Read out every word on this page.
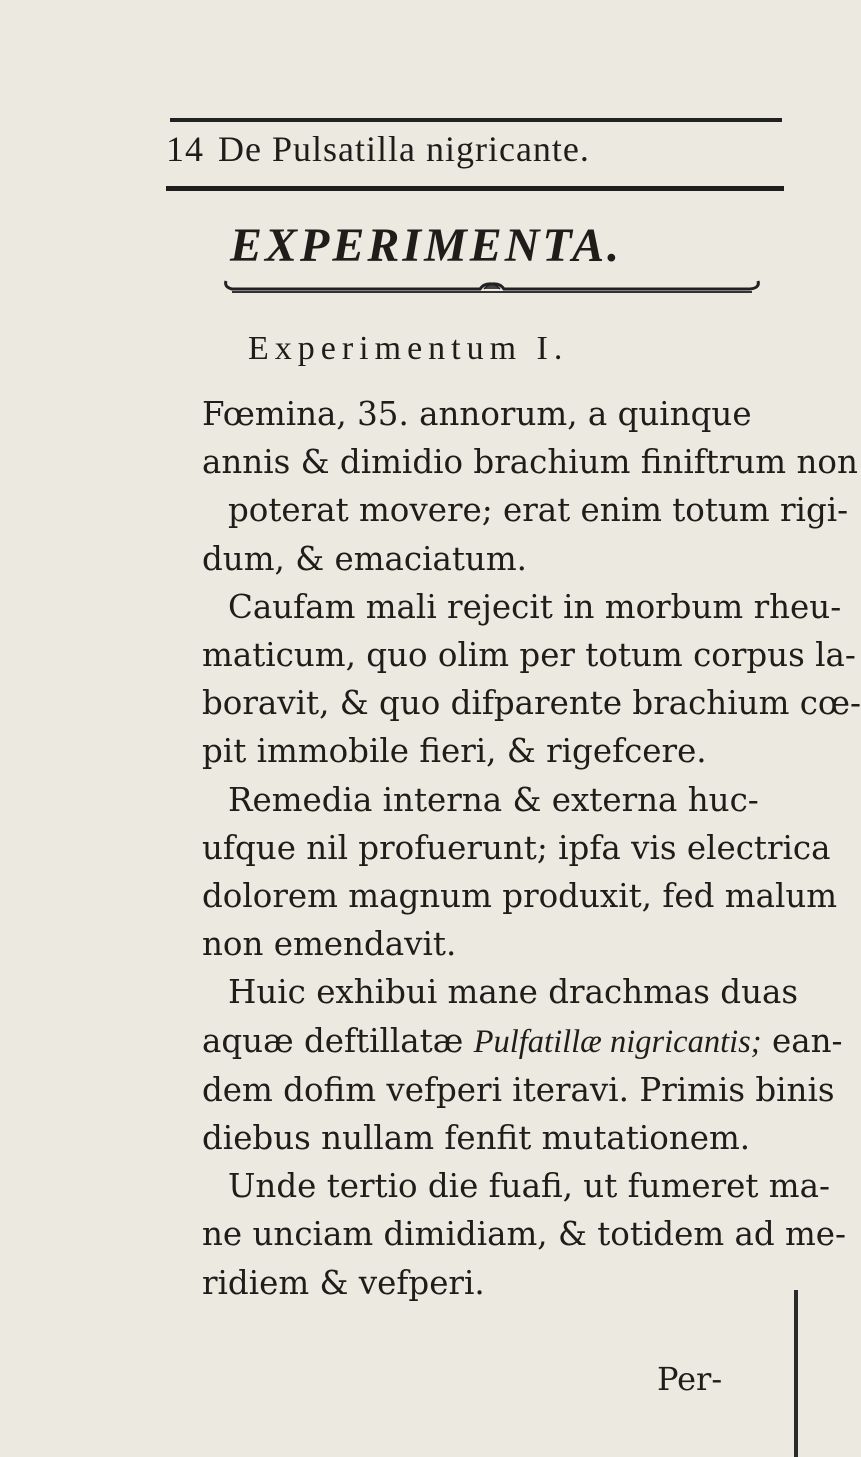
14 De Pulsatilla nigricante.
EXPERIMENTA.
Experimentum I.
Fœmina, 35. annorum, a quinque
annis & dimidio brachium finiftrum non
poterat movere; erat enim totum rigi-
dum, & emaciatum.
Caufam mali rejecit in morbum rheu-
maticum, quo olim per totum corpus la-
boravit, & quo difparente brachium cœ-
pit immobile fieri, & rigefcere.
Remedia interna & externa huc-
ufque nil profuerunt; ipfa vis electrica
dolorem magnum produxit, fed malum
non emendavit.
Huic exhibui mane drachmas duas
aquæ deftillatæ Pulfatillæ nigricantis; ean-
dem dofim vefperi iteravi. Primis binis
diebus nullam fenfit mutationem.
Unde tertio die fuafi, ut fumeret ma-
ne unciam dimidiam, & totidem ad me-
ridiem & vefperi.
Per-
